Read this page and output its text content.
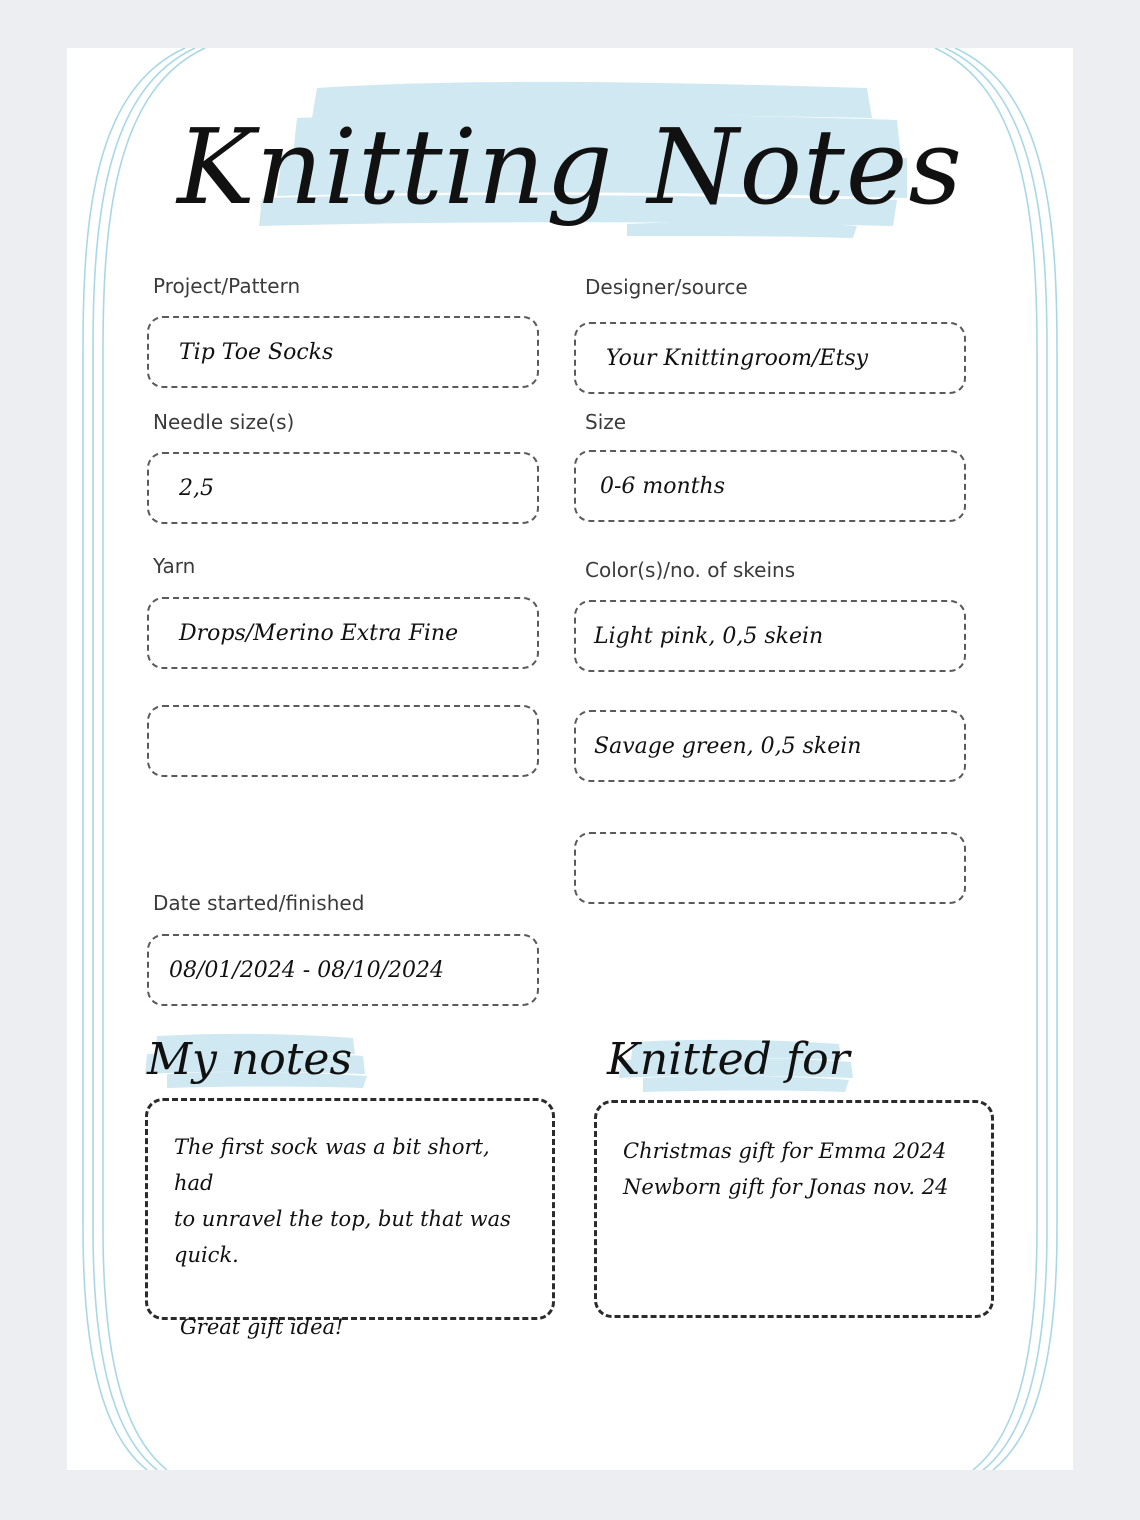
Knitting Notes
Project/Pattern
Tip Toe Socks
Needle size(s)
2,5
Yarn
Drops/Merino Extra Fine
Date started/finished
08/01/2024 - 08/10/2024
Designer/source
Your Knittingroom/Etsy
Size
0-6 months
Color(s)/no. of skeins
Light pink, 0,5 skein
Savage green, 0,5 skein
My notes

The first sock was a bit short, had

to unravel the top, but that was

quick.

Great gift idea!

Knitted for

Christmas gift for Emma 2024

Newborn gift for Jonas nov. 24
